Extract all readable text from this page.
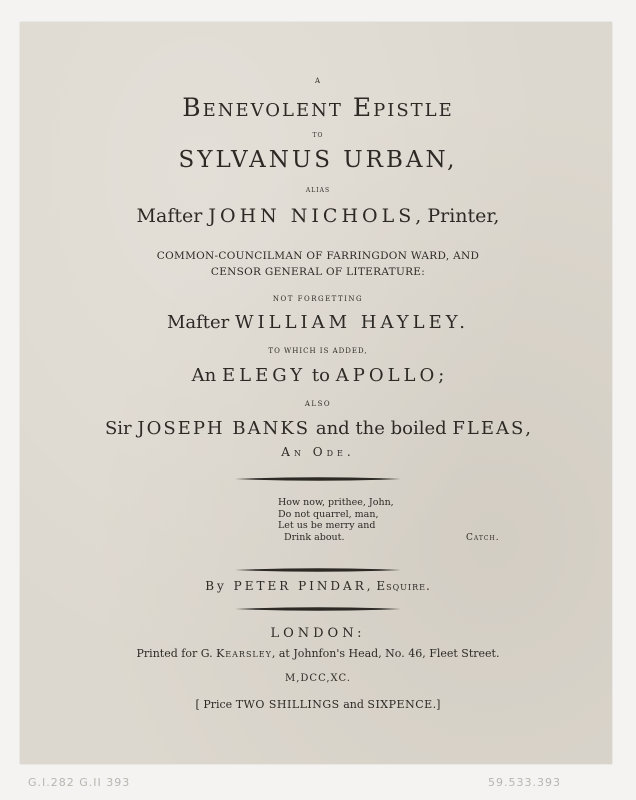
A
Benevolent Epistle
TO
SYLVANUS URBAN,
ALIAS
Mafter JOHN NICHOLS, Printer,
COMMON-COUNCILMAN OF FARRINGDON WARD, AND
CENSOR GENERAL OF LITERATURE:
NOT FORGETTING
Mafter WILLIAM HAYLEY.
TO WHICH IS ADDED,
An ELEGY to APOLLO;
ALSO
Sir JOSEPH BANKS and the boiled FLEAS,
An Ode.
How now, prithee, John,
Do not quarrel, man,
Let us be merry and
Drink about.	Catch.
By PETER PINDAR, Esquire.
LONDON:
Printed for G. Kearsley, at Johnfon's Head, No. 46, Fleet Street.
M,DCC,XC.
[ Price TWO SHILLINGS and SIXPENCE.]
G.I.282 G.II 393	59.533.393
